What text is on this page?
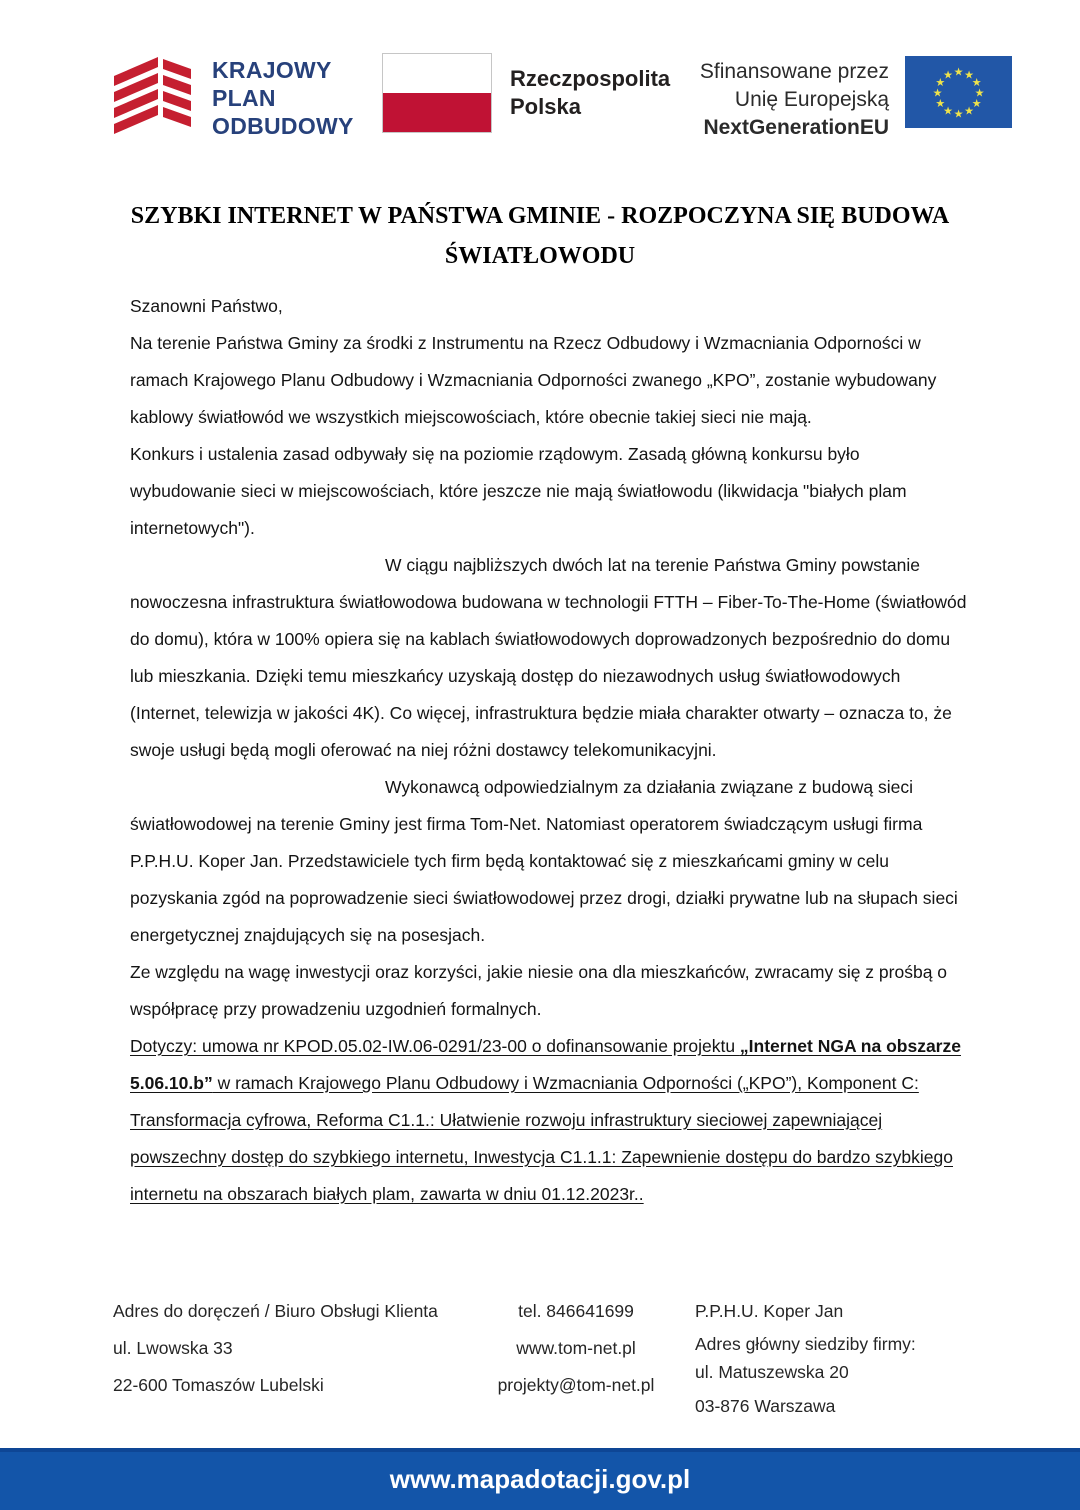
KRAJOWY
PLAN
ODBUDOWY
Rzeczpospolita
Polska
Sfinansowane przez
Unię Europejską
NextGenerationEU
★ ★
★
★
★
★
★
★
★
★
★
★
SZYBKI INTERNET W PAŃSTWA GMINIE - ROZPOCZYNA SIĘ BUDOWA ŚWIATŁOWODU

Szanowni Państwo,

Na terenie Państwa Gminy za środki z Instrumentu na Rzecz Odbudowy i Wzmacniania Odporności w ramach Krajowego Planu Odbudowy i Wzmacniania Odporności zwanego „KPO”, zostanie wybudowany kablowy światłowód we wszystkich miejscowościach, które obecnie takiej sieci nie mają.

Konkurs i ustalenia zasad odbywały się na poziomie rządowym. Zasadą główną konkursu było wybudowanie sieci w miejscowościach, które jeszcze nie mają światłowodu (likwidacja "białych plam internetowych").

W ciągu najbliższych dwóch lat na terenie Państwa Gminy powstanie nowoczesna infrastruktura światłowodowa budowana w technologii FTTH – Fiber-To-The-Home (światłowód do domu), która w 100% opiera się na kablach światłowodowych doprowadzonych bezpośrednio do domu lub mieszkania. Dzięki temu mieszkańcy uzyskają dostęp do niezawodnych usług światłowodowych (Internet, telewizja w jakości 4K). Co więcej, infrastruktura będzie miała charakter otwarty – oznacza to, że swoje usługi będą mogli oferować na niej różni dostawcy telekomunikacyjni.

Wykonawcą odpowiedzialnym za działania związane z budową sieci światłowodowej na terenie Gminy jest firma Tom-Net. Natomiast operatorem świadczącym usługi firma P.P.H.U. Koper Jan. Przedstawiciele tych firm będą kontaktować się z mieszkańcami gminy w celu pozyskania zgód na poprowadzenie sieci światłowodowej przez drogi, działki prywatne lub na słupach sieci energetycznej znajdujących się na posesjach.

Ze względu na wagę inwestycji oraz korzyści, jakie niesie ona dla mieszkańców, zwracamy się z prośbą o współpracę przy prowadzeniu uzgodnień formalnych.

Dotyczy: umowa nr KPOD.05.02-IW.06-0291/23-00 o dofinansowanie projektu „Internet NGA na obszarze 5.06.10.b” w ramach Krajowego Planu Odbudowy i Wzmacniania Odporności („KPO”), Komponent C: Transformacja cyfrowa, Reforma C1.1.: Ułatwienie rozwoju infrastruktury sieciowej zapewniającej powszechny dostęp do szybkiego internetu, Inwestycja C1.1.1: Zapewnienie dostępu do bardzo szybkiego internetu na obszarach białych plam, zawarta w dniu 01.12.2023r..

Adres do doręczeń / Biuro Obsługi Klienta
ul. Lwowska 33
22-600 Tomaszów Lubelski
tel. 846641699
www.tom-net.pl
projekty@tom-net.pl
P.P.H.U. Koper Jan
Adres główny siedziby firmy:
ul. Matuszewska 20
03-876 Warszawa
www.mapadotacji.gov.pl
